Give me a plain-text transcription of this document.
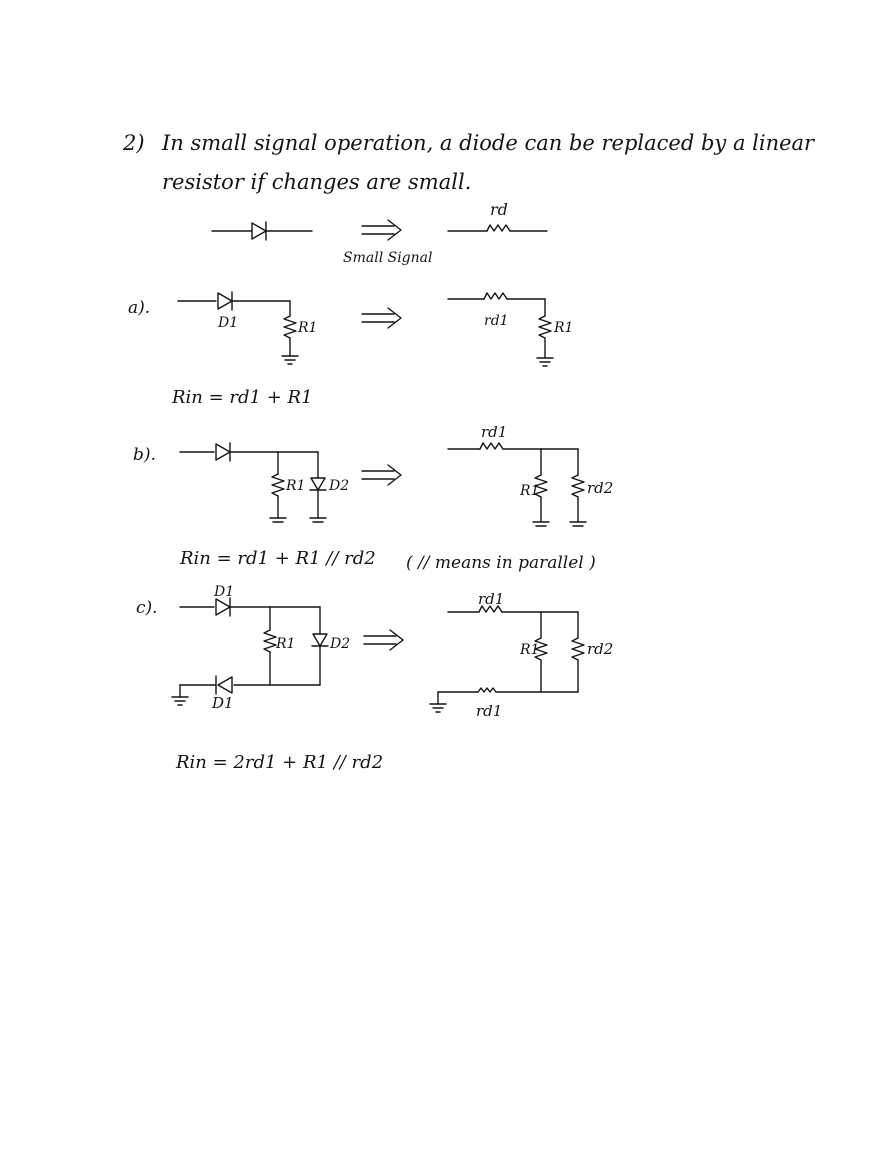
2) In small signal operation, a diode can be replaced by a linear
resistor if changes are small.
Small Signal
rd
a).
D1	R1	rd1	R1
Rin = rd1 + R1
b).
R1 D2
rd1
R1	rd2
Rin = rd1 + R1 // rd2 ( // means in parallel )
c).
D1
R1 D2
D1
rd1
R1	rd2
rd1
Rin = 2rd1 + R1 // rd2
